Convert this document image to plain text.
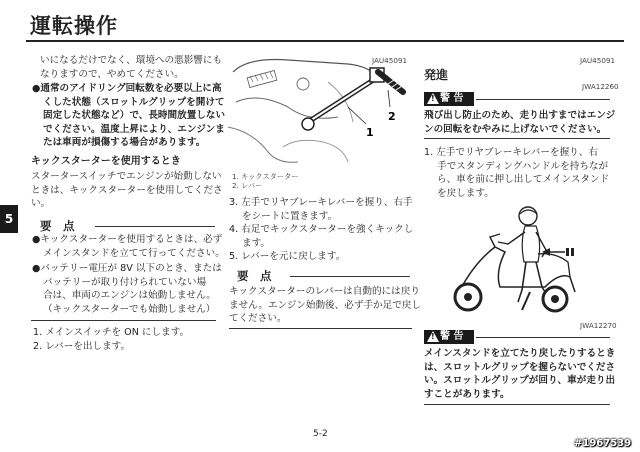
運転操作
5
いになるだけでなく、環境への悪影響にも
なりますので、やめてください。
●通常のアイドリング回転数を必要以上に高
くした状態（スロットルグリップを開けて
固定した状態など）で、長時間放置しない
でください。温度上昇により、エンジンま
たは車両が損傷する場合があります。
キックスターターを使用するとき
スタータースイッチでエンジンが始動しない
ときは、キックスターターを使用してくださ
い。
要　点
●キックスターターを使用するときは、必ず
メインスタンドを立てて行ってください。
●バッテリー電圧が 8V 以下のとき、または
バッテリーが取り付けられていない場
合は、車両のエンジンは始動しません。
（キックスターターでも始動しません）
1. メインスイッチを ON にします。
2. レバーを出します。
JAU45091
1
2
1. キックスターター
2. レバー
3. 左手でリヤブレーキレバーを握り、右手
をシートに置きます。
4. 右足でキックスターターを強くキックし
ます。
5. レバーを元に戻します。
要　点
キックスターターのレバーは自動的には戻り
ません。エンジン始動後、必ず手か足で戻し
てください。
JAU45091
発進
JWA12260
! 警 告
飛び出し防止のため、走り出すまではエンジ
ンの回転をむやみに上げないでください。
1. 左手でリヤブレーキレバーを握り、右
手でスタンディングハンドルを持ちなが
ら、車を前に押し出してメインスタンド
を戻します。
JWA12270
! 警 告
メインスタンドを立てたり戻したりするとき
は、スロットルグリップを握らないでくださ
い。スロットルグリップが回り、車が走り出
すことがあります。
5-2
#1967539
